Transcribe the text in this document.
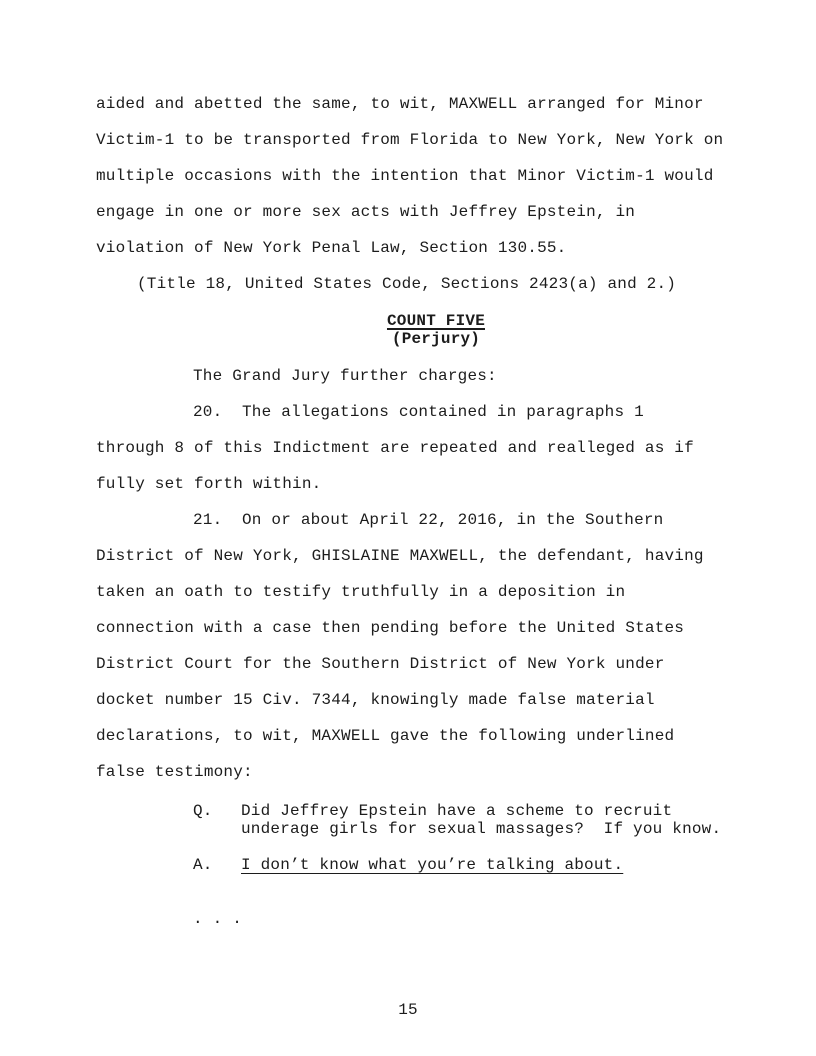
aided and abetted the same, to wit, MAXWELL arranged for Minor
Victim-1 to be transported from Florida to New York, New York on
multiple occasions with the intention that Minor Victim-1 would
engage in one or more sex acts with Jeffrey Epstein, in
violation of New York Penal Law, Section 130.55.
(Title 18, United States Code, Sections 2423(a) and 2.)
COUNT FIVE
(Perjury)
The Grand Jury further charges:
20.  The allegations contained in paragraphs 1
through 8 of this Indictment are repeated and realleged as if
fully set forth within.
21.  On or about April 22, 2016, in the Southern
District of New York, GHISLAINE MAXWELL, the defendant, having
taken an oath to testify truthfully in a deposition in
connection with a case then pending before the United States
District Court for the Southern District of New York under
docket number 15 Civ. 7344, knowingly made false material
declarations, to wit, MAXWELL gave the following underlined
false testimony:
Q.	Did Jeffrey Epstein have a scheme to recruit
underage girls for sexual massages?  If you know.
A.	I don’t know what you’re talking about.
. . .
15
